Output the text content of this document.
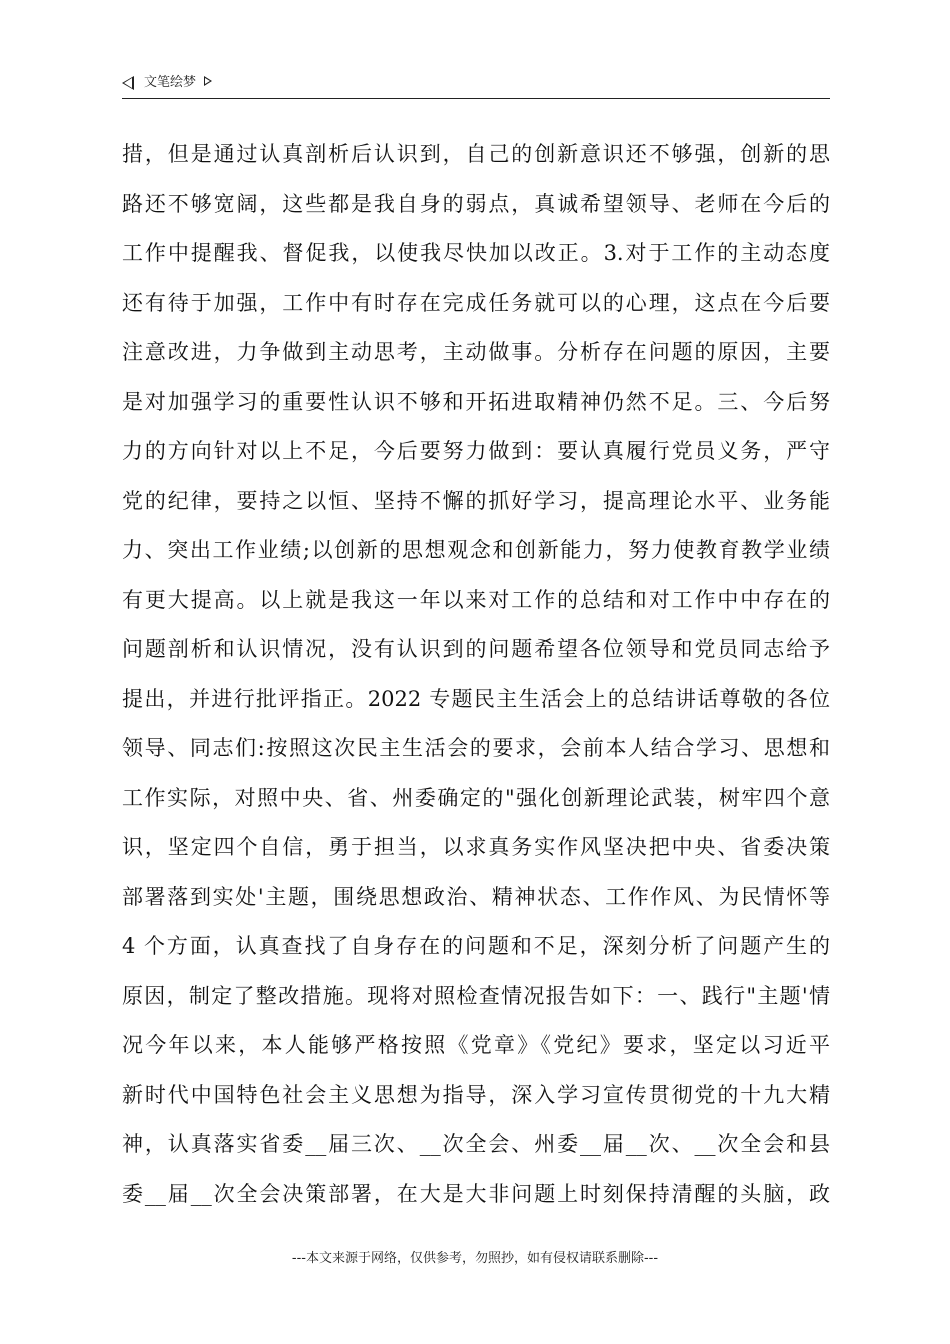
文笔绘梦
措，但是通过认真剖析后认识到，自己的创新意识还不够强，创新的思
路还不够宽阔，这些都是我自身的弱点，真诚希望领导、老师在今后的
工作中提醒我、督促我，以使我尽快加以改正。3.对于工作的主动态度
还有待于加强，工作中有时存在完成任务就可以的心理，这点在今后要
注意改进，力争做到主动思考，主动做事。分析存在问题的原因，主要
是对加强学习的重要性认识不够和开拓进取精神仍然不足。三、今后努
力的方向针对以上不足，今后要努力做到：要认真履行党员义务，严守
党的纪律，要持之以恒、坚持不懈的抓好学习，提高理论水平、业务能
力、突出工作业绩;以创新的思想观念和创新能力，努力使教育教学业绩
有更大提高。以上就是我这一年以来对工作的总结和对工作中中存在的
问题剖析和认识情况，没有认识到的问题希望各位领导和党员同志给予
提出，并进行批评指正。2022 专题民主生活会上的总结讲话尊敬的各位
领导、同志们:按照这次民主生活会的要求，会前本人结合学习、思想和
工作实际，对照中央、省、州委确定的"强化创新理论武装，树牢四个意
识，坚定四个自信，勇于担当，以求真务实作风坚决把中央、省委决策
部署落到实处'主题，围绕思想政治、精神状态、工作作风、为民情怀等
4 个方面，认真查找了自身存在的问题和不足，深刻分析了问题产生的
原因，制定了整改措施。现将对照检查情况报告如下：一、践行"主题'情
况今年以来，本人能够严格按照《党章》《党纪》要求，坚定以习近平
新时代中国特色社会主义思想为指导，深入学习宣传贯彻党的十九大精
神，认真落实省委__届三次、__次全会、州委__届__次、__次全会和县
委__届__次全会决策部署，在大是大非问题上时刻保持清醒的头脑，政
---本文来源于网络，仅供参考，勿照抄，如有侵权请联系删除---
